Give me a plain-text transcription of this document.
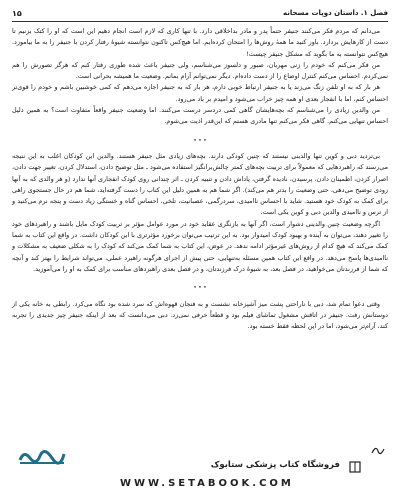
فصل ۱. داستان دوپات مسحانه
۱۵

می‌دانم که مردم فکر می‌کنند جنیفر حتماً پدر و مادر بداخلاقی دارد. با تنها کاری که لازم است انجام دهیم این است که او را کتک بزنیم تا دست از کارهایش بردارد. باور کنید ما همهٔ روش‌ها را امتحان کرده‌ایم. اما هیچ‌کس تاکنون نتوانسته شیوهٔ رفتار کردن با جنیفر را به ما بیاموزد. هیچ‌کس نتوانسته به ما بگوید که مشکل جنیفر چیست!

من فکر می‌کنم که خودم را زنی مهربان، صبور و دلسوز می‌شناسم، ولی جنیفر باعث شده طوری رفتار کنم که هرگز تصورش را هم نمی‌کردم. احساس می‌کنم کنترل اوضاع را از دست داده‌ام. دیگر نمی‌توانم آرام بمانم. وضعیت ما همیشه بحرانی است.

هر بار که به او تلفن زنگ می‌زند یا به جنیفر ارتباط خوبی دارم، هر بار که به جنیفر اجازه می‌دهم که کمی خوشبین باشم و خودم را قوی‌تر احساس کنم، اما با انفجار بعدی او همه چیز خراب می‌شود و امیدم بر باد می‌رود.

من والدین زیادی را می‌شناسم که بچه‌هایشان گاهی کمی دردسر درست می‌کنند. اما وضعیت جنیفر واقعاً متفاوت است؟ به همین دلیل احساس تنهایی می‌کنم. گاهی فکر می‌کنم تنها مادری هستم که این‌قدر اذیت می‌شوم.

۰۰۰

بی‌تردید دبی و کوین تنها والدینی نیستند که چنین کودکی دارند. بچه‌های زیادی مثل جنیفر هستند. والدین این کودکان اغلب به این نتیجه می‌رسند که راهبردهایی که معمولاً برای تربیت بچه‌های کمتر چالش‌برانگیز استفاده می‌شود ـ مثل توضیح دادن، استدلال کردن، تغییر جهت دادن، اصرار کردن، اطمینان دادن، پرسیدن، نادیده گرفتن، پاداش دادن و تنبیه کردن ـ اثر چندانی روی کودک انفجاری آنها ندارد (و هر والدی که به آنها زودی توضیح می‌دهی، حتی وضعیت را بدتر هم می‌کند). اگر شما هم به همین دلیل این کتاب را دست گرفته‌اید، شما هم در حال جستجوی راهی برای کمک به کودک خود هستید. شاید با احساس ناامیدی، سردرگمی، عصبانیت، تلخی، احساس گناه و خستگی زیاد دست و پنجه نرم می‌کنید و از ترس و ناامیدی والدین دبی و کوین یکی است.

اگرچه وضعیت چنین والدینی دشوار است، اگر آنها به بازنگری عقاید خود در مورد عوامل مؤثر بر تربیت کودک مایل باشند و راهبردهای خود را تغییر دهند، می‌توان به آینده و بهبود کودک امیدوار بود. به این ترتیب می‌توان برخورد مؤثرتری با این کودکان داشت. در واقع این کتاب به شما کمک می‌کند که هیچ کدام از روش‌های غیرمؤثر ادامه ندهد. در عوض، این کتاب به شما کمک می‌کند که کودک را به شکلی ضعیف به مشکلات و ناامیدی‌ها پاسخ می‌دهد. در واقع این کتاب همین مسئله به‌تنهایی، حتی پیش از اجرای هرگونه راهبرد عملی، می‌تواند شرایط را بهتر کند و آنچه که شما از فرزندتان می‌خواهید، در فصل بعد، به شیوهٔ درک فرزندتان، و در فصل بعدی راهبردهای مناسب برای کمک به او را می‌آموزید.

۰۰۰

وقتی دعوا تمام شد، دبی با ناراحتی پشت میز آشپزخانه نشست و به فنجان قهوه‌اش که سرد شده بود نگاه می‌کرد. رابطی به خانه یکی از دوستانش رفت. جنیفر در اتاقش مشغول تماشای فیلم بود و قطعاً حرفی نمی‌زد. دبی می‌دانست که بعد از اینکه جنیفر چیز جدیدی را تجربه کند، آرام‌تر می‌شود، اما در این لحظه فقط خسته بود.

فروشگاه کتاب پزشکی ستابوک
WWW.SETABOOK.COM
